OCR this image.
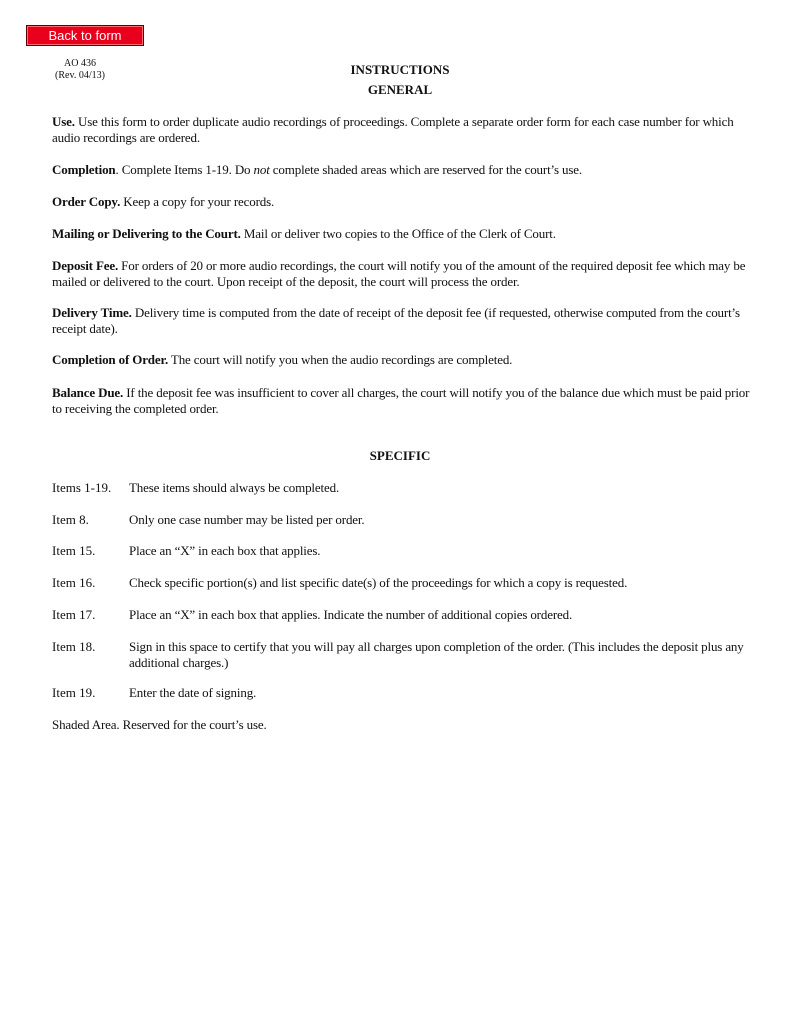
Back to form
AO 436
(Rev. 04/13)	INSTRUCTIONS
GENERAL
Use. Use this form to order duplicate audio recordings of proceedings. Complete a separate order form for each case number for which audio recordings are ordered.
Completion. Complete Items 1-19. Do not complete shaded areas which are reserved for the court’s use.
Order Copy. Keep a copy for your records.
Mailing or Delivering to the Court. Mail or deliver two copies to the Office of the Clerk of Court.
Deposit Fee. For orders of 20 or more audio recordings, the court will notify you of the amount of the required deposit fee which may be mailed or delivered to the court. Upon receipt of the deposit, the court will process the order.
Delivery Time. Delivery time is computed from the date of receipt of the deposit fee (if requested, otherwise computed from the court’s receipt date).
Completion of Order. The court will notify you when the audio recordings are completed.
Balance Due. If the deposit fee was insufficient to cover all charges, the court will notify you of the balance due which must be paid prior to receiving the completed order.
SPECIFIC
Items 1-19.	These items should always be completed.
Item 8.	Only one case number may be listed per order.
Item 15.	Place an “X” in each box that applies.
Item 16.	Check specific portion(s) and list specific date(s) of the proceedings for which a copy is requested.
Item 17.	Place an “X” in each box that applies. Indicate the number of additional copies ordered.
Item 18.	Sign in this space to certify that you will pay all charges upon completion of the order. (This includes the deposit plus any additional charges.)
Item 19.	Enter the date of signing.
Shaded Area. Reserved for the court’s use.
